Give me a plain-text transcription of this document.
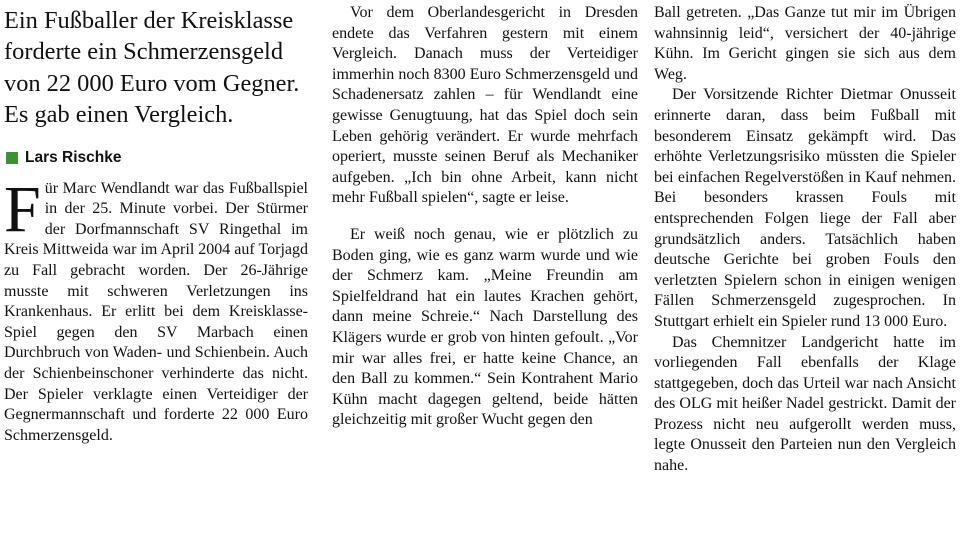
Ein Fußballer der Kreisklasse forderte ein Schmerzensgeld von 22 000 Euro vom Gegner. Es gab einen Vergleich.
Lars Rischke

Für Marc Wendlandt war das Fußballspiel in der 25. Minute vorbei. Der Stürmer der Dorfmannschaft SV Ringethal im Kreis Mittweida war im April 2004 auf Torjagd zu Fall gebracht worden. Der 26-Jährige musste mit schweren Verletzungen ins Krankenhaus. Er erlitt bei dem Kreisklasse-Spiel gegen den SV Marbach einen Durchbruch von Waden- und Schienbein. Auch der Schienbeinschoner verhinderte das nicht. Der Spieler verklagte einen Verteidiger der Gegnermannschaft und forderte 22 000 Euro Schmerzensgeld.

Vor dem Oberlandesgericht in Dresden endete das Verfahren gestern mit einem Vergleich. Danach muss der Verteidiger immerhin noch 8300 Euro Schmerzensgeld und Schadenersatz zahlen – für Wendlandt eine gewisse Genugtuung, hat das Spiel doch sein Leben gehörig verändert. Er wurde mehrfach operiert, musste seinen Beruf als Mechaniker aufgeben. „Ich bin ohne Arbeit, kann nicht mehr Fußball spielen“, sagte er leise.

Er weiß noch genau, wie er plötzlich zu Boden ging, wie es ganz warm wurde und wie der Schmerz kam. „Meine Freundin am Spielfeldrand hat ein lautes Krachen gehört, dann meine Schreie.“ Nach Darstellung des Klägers wurde er grob von hinten gefoult. „Vor mir war alles frei, er hatte keine Chance, an den Ball zu kommen.“ Sein Kontrahent Mario Kühn macht dagegen geltend, beide hätten gleichzeitig mit großer Wucht gegen den

Ball getreten. „Das Ganze tut mir im Übrigen wahnsinnig leid“, versichert der 40-jährige Kühn. Im Gericht gingen sie sich aus dem Weg.

Der Vorsitzende Richter Dietmar Onusseit erinnerte daran, dass beim Fußball mit besonderem Einsatz gekämpft wird. Das erhöhte Verletzungsrisiko müssten die Spieler bei einfachen Regelverstößen in Kauf nehmen. Bei besonders krassen Fouls mit entsprechenden Folgen liege der Fall aber grundsätzlich anders. Tatsächlich haben deutsche Gerichte bei groben Fouls den verletzten Spielern schon in einigen wenigen Fällen Schmerzensgeld zugesprochen. In Stuttgart erhielt ein Spieler rund 13 000 Euro.

Das Chemnitzer Landgericht hatte im vorliegenden Fall ebenfalls der Klage stattgegeben, doch das Urteil war nach Ansicht des OLG mit heißer Nadel gestrickt. Damit der Prozess nicht neu aufgerollt werden muss, legte Onusseit den Parteien nun den Vergleich nahe.
